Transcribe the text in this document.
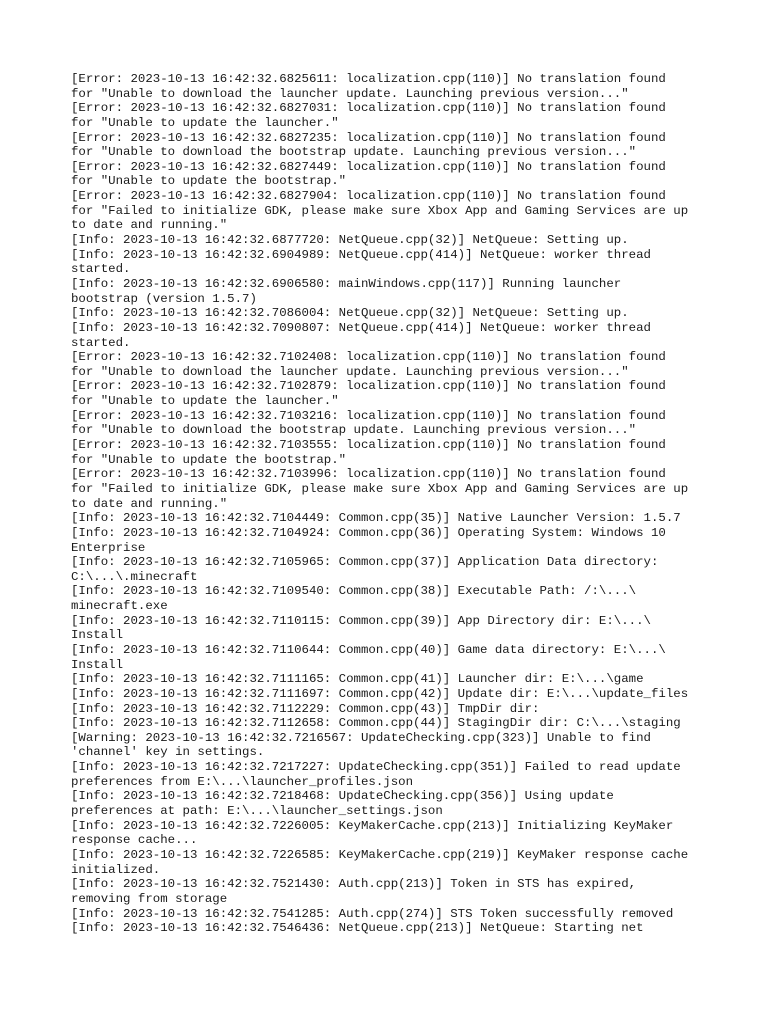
[Error: 2023-10-13 16:42:32.6825611: localization.cpp(110)] No translation found
for "Unable to download the launcher update. Launching previous version..."
[Error: 2023-10-13 16:42:32.6827031: localization.cpp(110)] No translation found
for "Unable to update the launcher."
[Error: 2023-10-13 16:42:32.6827235: localization.cpp(110)] No translation found
for "Unable to download the bootstrap update. Launching previous version..."
[Error: 2023-10-13 16:42:32.6827449: localization.cpp(110)] No translation found
for "Unable to update the bootstrap."
[Error: 2023-10-13 16:42:32.6827904: localization.cpp(110)] No translation found
for "Failed to initialize GDK, please make sure Xbox App and Gaming Services are up
to date and running."
[Info: 2023-10-13 16:42:32.6877720: NetQueue.cpp(32)] NetQueue: Setting up.
[Info: 2023-10-13 16:42:32.6904989: NetQueue.cpp(414)] NetQueue: worker thread
started.
[Info: 2023-10-13 16:42:32.6906580: mainWindows.cpp(117)] Running launcher
bootstrap (version 1.5.7)
[Info: 2023-10-13 16:42:32.7086004: NetQueue.cpp(32)] NetQueue: Setting up.
[Info: 2023-10-13 16:42:32.7090807: NetQueue.cpp(414)] NetQueue: worker thread
started.
[Error: 2023-10-13 16:42:32.7102408: localization.cpp(110)] No translation found
for "Unable to download the launcher update. Launching previous version..."
[Error: 2023-10-13 16:42:32.7102879: localization.cpp(110)] No translation found
for "Unable to update the launcher."
[Error: 2023-10-13 16:42:32.7103216: localization.cpp(110)] No translation found
for "Unable to download the bootstrap update. Launching previous version..."
[Error: 2023-10-13 16:42:32.7103555: localization.cpp(110)] No translation found
for "Unable to update the bootstrap."
[Error: 2023-10-13 16:42:32.7103996: localization.cpp(110)] No translation found
for "Failed to initialize GDK, please make sure Xbox App and Gaming Services are up
to date and running."
[Info: 2023-10-13 16:42:32.7104449: Common.cpp(35)] Native Launcher Version: 1.5.7
[Info: 2023-10-13 16:42:32.7104924: Common.cpp(36)] Operating System: Windows 10
Enterprise
[Info: 2023-10-13 16:42:32.7105965: Common.cpp(37)] Application Data directory:
C:\...\.minecraft
[Info: 2023-10-13 16:42:32.7109540: Common.cpp(38)] Executable Path: /:\...\
minecraft.exe
[Info: 2023-10-13 16:42:32.7110115: Common.cpp(39)] App Directory dir: E:\...\
Install
[Info: 2023-10-13 16:42:32.7110644: Common.cpp(40)] Game data directory: E:\...\
Install
[Info: 2023-10-13 16:42:32.7111165: Common.cpp(41)] Launcher dir: E:\...\game
[Info: 2023-10-13 16:42:32.7111697: Common.cpp(42)] Update dir: E:\...\update_files
[Info: 2023-10-13 16:42:32.7112229: Common.cpp(43)] TmpDir dir:
[Info: 2023-10-13 16:42:32.7112658: Common.cpp(44)] StagingDir dir: C:\...\staging
[Warning: 2023-10-13 16:42:32.7216567: UpdateChecking.cpp(323)] Unable to find
'channel' key in settings.
[Info: 2023-10-13 16:42:32.7217227: UpdateChecking.cpp(351)] Failed to read update
preferences from E:\...\launcher_profiles.json
[Info: 2023-10-13 16:42:32.7218468: UpdateChecking.cpp(356)] Using update
preferences at path: E:\...\launcher_settings.json
[Info: 2023-10-13 16:42:32.7226005: KeyMakerCache.cpp(213)] Initializing KeyMaker
response cache...
[Info: 2023-10-13 16:42:32.7226585: KeyMakerCache.cpp(219)] KeyMaker response cache
initialized.
[Info: 2023-10-13 16:42:32.7521430: Auth.cpp(213)] Token in STS has expired,
removing from storage
[Info: 2023-10-13 16:42:32.7541285: Auth.cpp(274)] STS Token successfully removed
[Info: 2023-10-13 16:42:32.7546436: NetQueue.cpp(213)] NetQueue: Starting net
